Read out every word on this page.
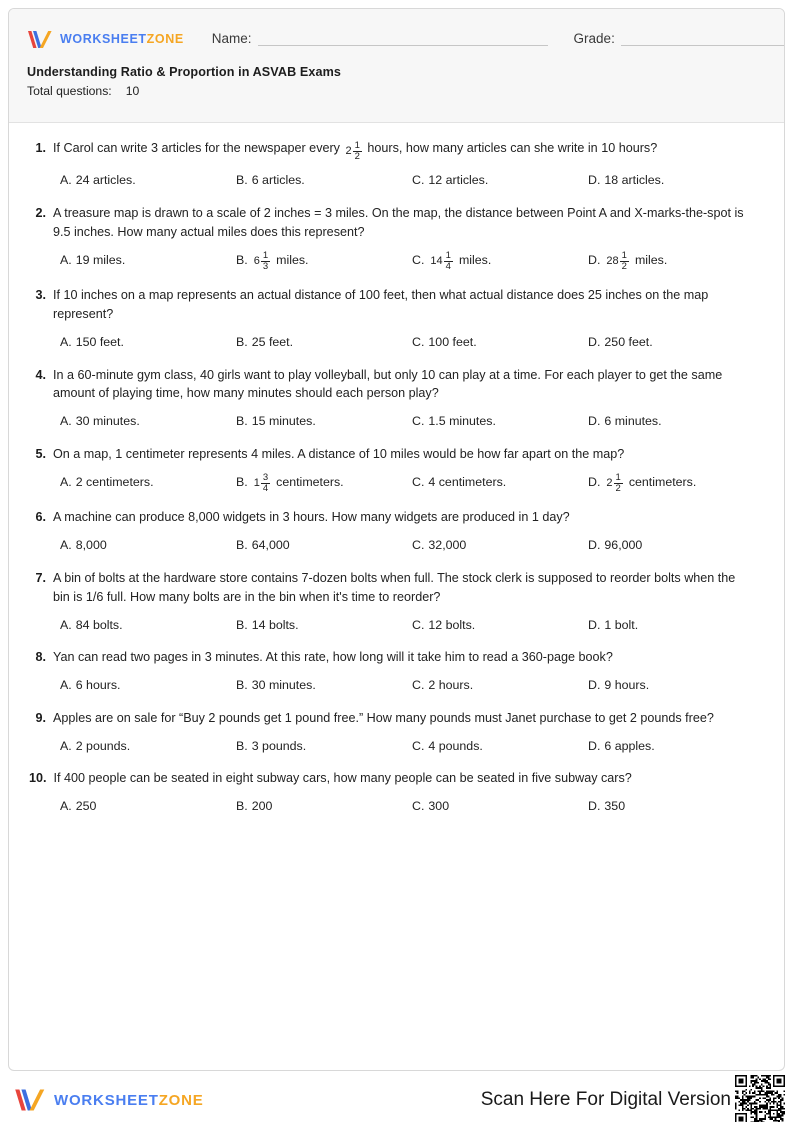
WORKSHEETZONE Name:	Grade:
Understanding Ratio & Proportion in ASVAB Exams
Total questions: 10
1. If Carol can write 3 articles for the newspaper every $2 \frac{1}{2}$ hours, how many articles can she write in 10 hours?
A. 24 articles.	B. 6 articles.	C. 12 articles.	D. 18 articles.
2. A treasure map is drawn to a scale of 2 inches = 3 miles. On the map, the distance between Point A and X-marks-the-spot is 9.5 inches. How many actual miles does this represent?
A. 19 miles.	B. $6 \frac{1}{3}$ miles.	C. $14 \frac{1}{4}$ miles.	D. $28 \frac{1}{2}$ miles.
3. If 10 inches on a map represents an actual distance of 100 feet, then what actual distance does 25 inches on the map represent?
A. 150 feet.	B. 25 feet.	C. 100 feet.	D. 250 feet.
4. In a 60-minute gym class, 40 girls want to play volleyball, but only 10 can play at a time. For each player to get the same amount of playing time, how many minutes should each person play?
A. 30 minutes.	B. 15 minutes.	C. 1.5 minutes.	D. 6 minutes.
5. On a map, 1 centimeter represents 4 miles. A distance of 10 miles would be how far apart on the map?
A. 2 centimeters.	B. $1 \frac{3}{4}$ centimeters.	C. 4 centimeters.	D. $2 \frac{1}{2}$ centimeters.
6. A machine can produce 8,000 widgets in 3 hours. How many widgets are produced in 1 day?
A. 8,000	B. 64,000	C. 32,000	D. 96,000
7. A bin of bolts at the hardware store contains 7-dozen bolts when full. The stock clerk is supposed to reorder bolts when the bin is 1/6 full. How many bolts are in the bin when it's time to reorder?
A. 84 bolts.	B. 14 bolts.	C. 12 bolts.	D. 1 bolt.
8. Yan can read two pages in 3 minutes. At this rate, how long will it take him to read a 360-page book?
A. 6 hours.	B. 30 minutes.	C. 2 hours.	D. 9 hours.
9. Apples are on sale for “Buy 2 pounds get 1 pound free.” How many pounds must Janet purchase to get 2 pounds free?
A. 2 pounds.	B. 3 pounds.	C. 4 pounds.	D. 6 apples.
10. If 400 people can be seated in eight subway cars, how many people can be seated in five subway cars?
A. 250	B. 200	C. 300	D. 350
WORKSHEETZONE	Scan Here For Digital Version
